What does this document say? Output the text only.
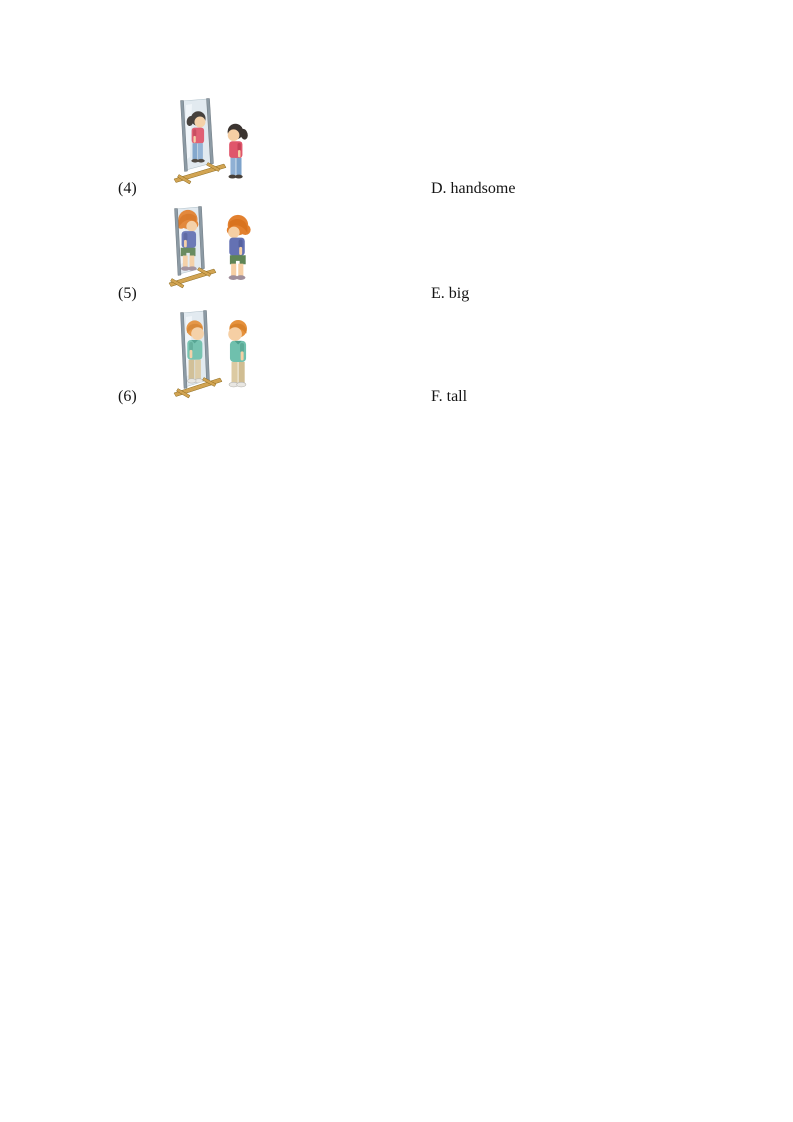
(4)	D. handsome
(5)	E. big
(6)	F. tall
